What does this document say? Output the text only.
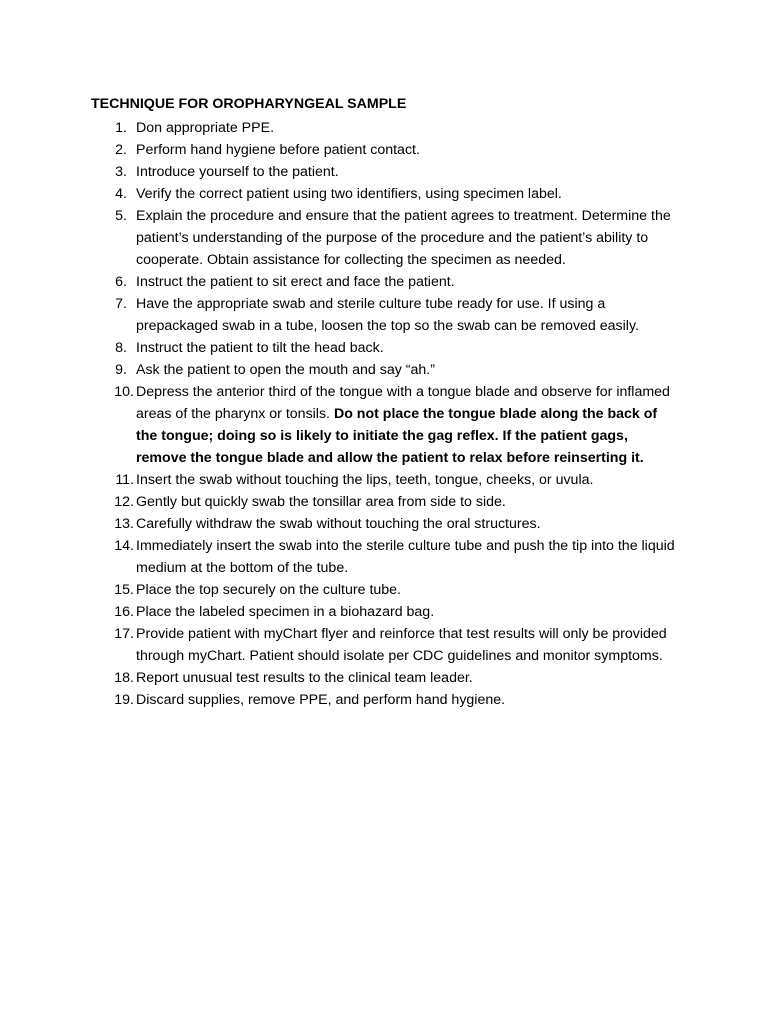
TECHNIQUE FOR OROPHARYNGEAL SAMPLE
1. Don appropriate PPE.
2. Perform hand hygiene before patient contact.
3. Introduce yourself to the patient.
4. Verify the correct patient using two identifiers, using specimen label.
5. Explain the procedure and ensure that the patient agrees to treatment. Determine the patient’s understanding of the purpose of the procedure and the patient’s ability to cooperate. Obtain assistance for collecting the specimen as needed.
6. Instruct the patient to sit erect and face the patient.
7. Have the appropriate swab and sterile culture tube ready for use. If using a prepackaged swab in a tube, loosen the top so the swab can be removed easily.
8. Instruct the patient to tilt the head back.
9. Ask the patient to open the mouth and say “ah.”
10. Depress the anterior third of the tongue with a tongue blade and observe for inflamed areas of the pharynx or tonsils. Do not place the tongue blade along the back of the tongue; doing so is likely to initiate the gag reflex. If the patient gags, remove the tongue blade and allow the patient to relax before reinserting it.
11. Insert the swab without touching the lips, teeth, tongue, cheeks, or uvula.
12. Gently but quickly swab the tonsillar area from side to side.
13. Carefully withdraw the swab without touching the oral structures.
14. Immediately insert the swab into the sterile culture tube and push the tip into the liquid medium at the bottom of the tube.
15. Place the top securely on the culture tube.
16. Place the labeled specimen in a biohazard bag.
17. Provide patient with myChart flyer and reinforce that test results will only be provided through myChart. Patient should isolate per CDC guidelines and monitor symptoms.
18. Report unusual test results to the clinical team leader.
19. Discard supplies, remove PPE, and perform hand hygiene.
